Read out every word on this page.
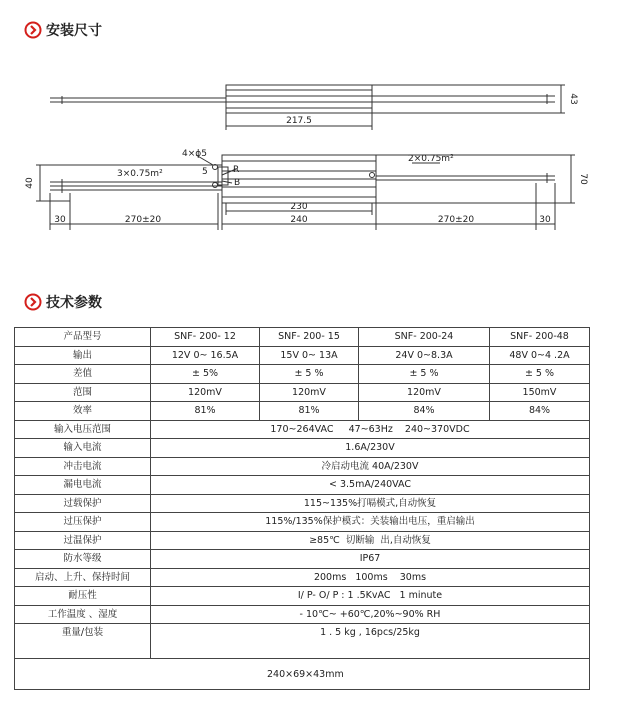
安装尺寸
217.5
43
4×ϕ5
5	R
B
3×0.75m²
2×0.75m²
40	70
30	270±20
230
240	270±20	30
技术参数
产品型号	SNF- 200- 12	SNF- 200- 15	SNF- 200-24	SNF- 200-48
输出	12V 0~ 16.5A	15V 0~ 13A	24V 0~8.3A	48V 0~4 .2A
差值	± 5%	± 5 %	± 5 %	± 5 %
范围	120mV	120mV	120mV	150mV
效率	81%	81%	84%	84%
输入电压范围	170~264VAC     47~63Hz    240~370VDC			
输入电流	1.6A/230V			
冲击电流	冷启动电流 40A/230V			
漏电电流	< 3.5mA/240VAC			
过载保护	115~135%打嗝模式,自动恢复			
过压保护	115%/135%保护模式：关装输出电压，重启输出			
过温保护	≥85℃  切断输  出,自动恢复			
防水等级	IP67			
启动、上升、保持时间	200ms   100ms    30ms			
耐压性	I/ P- O/ P : 1 .5KvAC   1 minute			
工作温度 、湿度	- 10℃~ +60℃,20%~90% RH			
重量/包装	1 . 5 kg , 16pcs/25kg			
240×69×43mm				
